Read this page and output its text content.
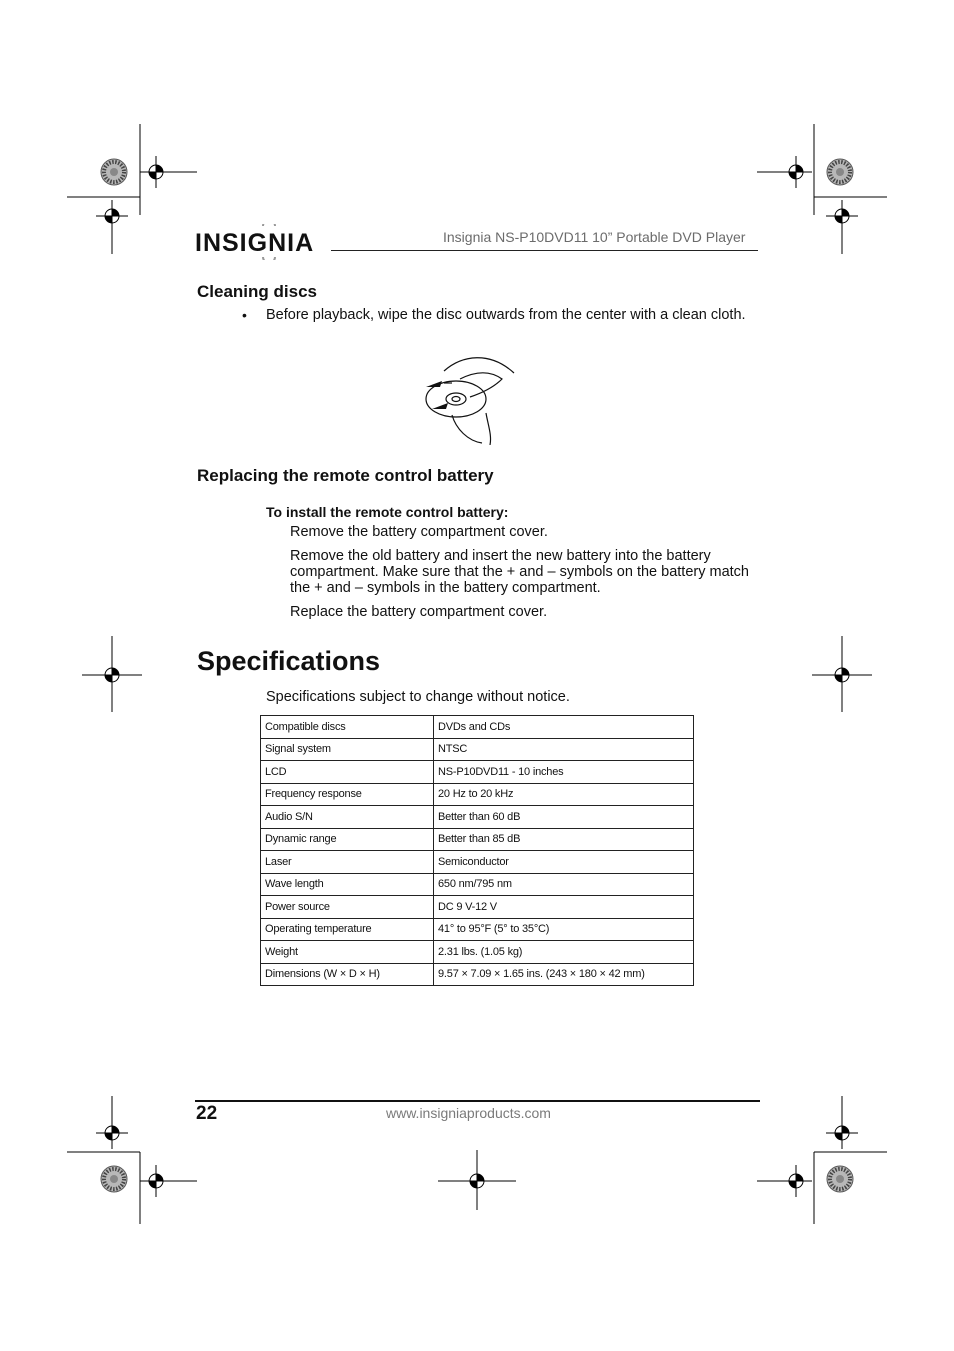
INSIGNIA	Insignia NS-P10DVD11 10” Portable DVD Player
Cleaning discs
• Before playback, wipe the disc outwards from the center with a clean cloth.
Replacing the remote control battery
To install the remote control battery:
Remove the battery compartment cover.
Remove the old battery and insert the new battery into the battery compartment. Make sure that the + and – symbols on the battery match the + and – symbols in the battery compartment.
Replace the battery compartment cover.
Specifications
Specifications subject to change without notice.
Compatible discs	DVDs and CDs
Signal system	NTSC
LCD	NS-P10DVD11 - 10 inches
Frequency response	20 Hz to 20 kHz
Audio S/N	Better than 60 dB
Dynamic range	Better than 85 dB
Laser	Semiconductor
Wave length	650 nm/795 nm
Power source	DC 9 V-12 V
Operating temperature	41° to 95°F (5° to 35°C)
Weight	2.31 lbs. (1.05 kg)
Dimensions (W × D × H)	9.57 × 7.09 × 1.65 ins. (243 × 180 × 42 mm)
22	www.insigniaproducts.com
